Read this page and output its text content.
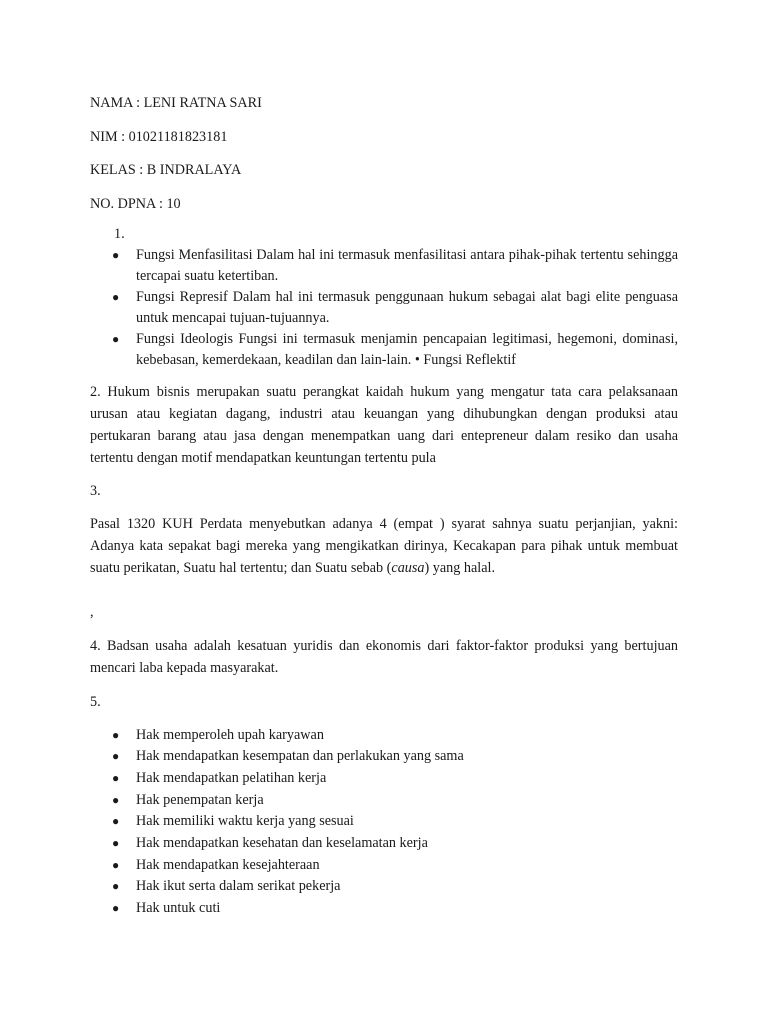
NAMA : LENI RATNA SARI

NIM : 01021181823181

KELAS : B INDRALAYA

NO. DPNA : 10

1.

● Fungsi Menfasilitasi Dalam hal ini termasuk menfasilitasi antara pihak-pihak tertentu sehingga tercapai suatu ketertiban.
● Fungsi Represif Dalam hal ini termasuk penggunaan hukum sebagai alat bagi elite penguasa untuk mencapai tujuan-tujuannya.
● Fungsi Ideologis Fungsi ini termasuk menjamin pencapaian legitimasi, hegemoni, dominasi, kebebasan, kemerdekaan, keadilan dan lain-lain. • Fungsi Reflektif

2. Hukum bisnis merupakan suatu perangkat kaidah hukum yang mengatur tata cara pelaksanaan urusan atau kegiatan dagang, industri atau keuangan yang dihubungkan dengan produksi atau pertukaran barang atau jasa dengan menempatkan uang dari entepreneur dalam resiko dan usaha tertentu dengan motif mendapatkan keuntungan tertentu pula

3.

Pasal 1320 KUH Perdata menyebutkan adanya 4 (empat ) syarat sahnya suatu perjanjian, yakni: Adanya kata sepakat bagi mereka yang mengikatkan dirinya, Kecakapan para pihak untuk membuat suatu perikatan, Suatu hal tertentu; dan Suatu sebab (causa) yang halal.

,

4. Badsan usaha adalah kesatuan yuridis dan ekonomis dari faktor-faktor produksi yang bertujuan mencari laba kepada masyarakat.

5.

● Hak memperoleh upah karyawan
● Hak mendapatkan kesempatan dan perlakukan yang sama
● Hak mendapatkan pelatihan kerja
● Hak penempatan kerja
● Hak memiliki waktu kerja yang sesuai
● Hak mendapatkan kesehatan dan keselamatan kerja
● Hak mendapatkan kesejahteraan
● Hak ikut serta dalam serikat pekerja
● Hak untuk cuti
